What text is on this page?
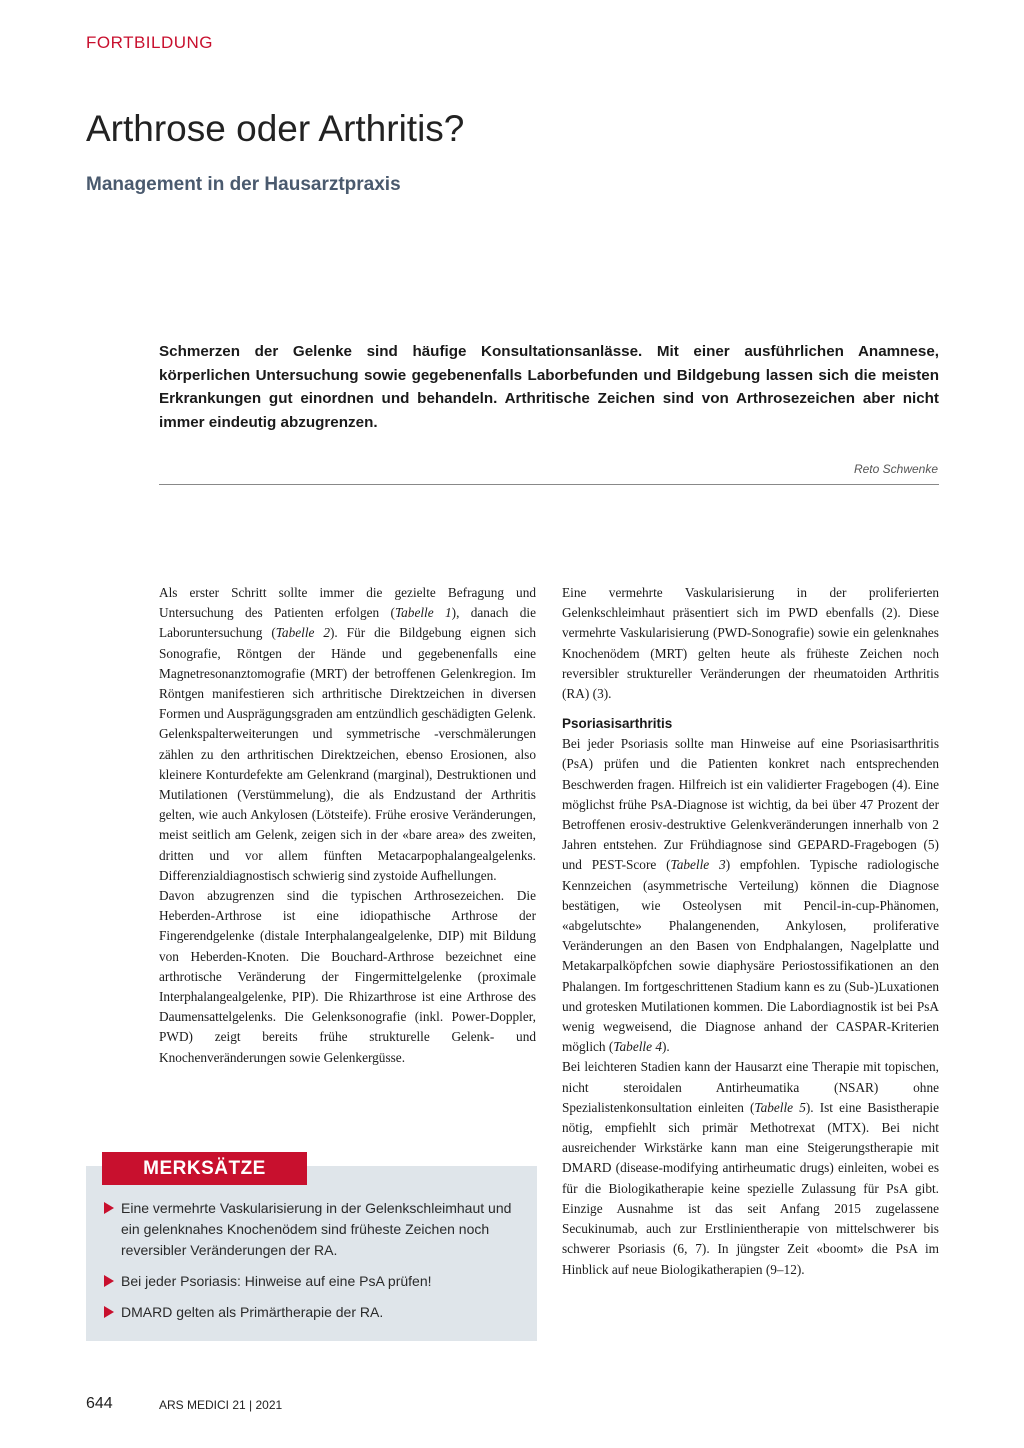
FORTBILDUNG
Arthrose oder Arthritis?
Management in der Hausarztpraxis

Schmerzen der Gelenke sind häufige Konsultationsanlässe. Mit einer ausführlichen Anamnese, körperlichen Untersuchung sowie gegebenenfalls Laborbefunden und Bildgebung lassen sich die meisten Erkrankungen gut einordnen und behandeln. Arthritische Zeichen sind von Arthrosezeichen aber nicht immer eindeutig abzugrenzen.

Reto Schwenke

Als erster Schritt sollte immer die gezielte Befragung und Untersuchung des Patienten erfolgen (Tabelle 1), danach die Laboruntersuchung (Tabelle 2). Für die Bildgebung eignen sich Sonografie, Röntgen der Hände und gegebenenfalls eine Magnetresonanztomografie (MRT) der betroffenen Gelenkregion. Im Röntgen manifestieren sich arthritische Direktzeichen in diversen Formen und Ausprägungsgraden am entzündlich geschädigten Gelenk. Gelenkspalterweiterungen und symmetrische -verschmälerungen zählen zu den arthritischen Direktzeichen, ebenso Erosionen, also kleinere Konturdefekte am Gelenkrand (marginal), Destruktionen und Mutilationen (Verstümmelung), die als Endzustand der Arthritis gelten, wie auch Ankylosen (Lötsteife). Frühe erosive Veränderungen, meist seitlich am Gelenk, zeigen sich in der «bare area» des zweiten, dritten und vor allem fünften Metacarpophalangealgelenks. Differenzialdiagnostisch schwierig sind zystoide Aufhellungen.

Davon abzugrenzen sind die typischen Arthrosezeichen. Die Heberden-Arthrose ist eine idiopathische Arthrose der Fingerendgelenke (distale Interphalangealgelenke, DIP) mit Bildung von Heberden-Knoten. Die Bouchard-Arthrose bezeichnet eine arthrotische Veränderung der Fingermittelgelenke (proximale Interphalangealgelenke, PIP). Die Rhizarthrose ist eine Arthrose des Daumensattelgelenks. Die Gelenksonografie (inkl. Power-Doppler, PWD) zeigt bereits frühe strukturelle Gelenk- und Knochenveränderungen sowie Gelenkergüsse.

Eine vermehrte Vaskularisierung in der proliferierten Gelenkschleimhaut präsentiert sich im PWD ebenfalls (2). Diese vermehrte Vaskularisierung (PWD-Sonografie) sowie ein gelenknahes Knochenödem (MRT) gelten heute als früheste Zeichen noch reversibler struktureller Veränderungen der rheumatoiden Arthritis (RA) (3).

Psoriasisarthritis

Bei jeder Psoriasis sollte man Hinweise auf eine Psoriasisarthritis (PsA) prüfen und die Patienten konkret nach entsprechenden Beschwerden fragen. Hilfreich ist ein validierter Fragebogen (4). Eine möglichst frühe PsA-Diagnose ist wichtig, da bei über 47 Prozent der Betroffenen erosiv-destruktive Gelenkveränderungen innerhalb von 2 Jahren entstehen. Zur Frühdiagnose sind GEPARD-Fragebogen (5) und PEST-Score (Tabelle 3) empfohlen. Typische radiologische Kennzeichen (asymmetrische Verteilung) können die Diagnose bestätigen, wie Osteolysen mit Pencil-in-cup-Phänomen, «abgelutschte» Phalangenenden, Ankylosen, proliferative Veränderungen an den Basen von Endphalangen, Nagelplatte und Metakarpalköpfchen sowie diaphysäre Periostossifikationen an den Phalangen. Im fortgeschrittenen Stadium kann es zu (Sub-)Luxationen und grotesken Mutilationen kommen. Die Labordiagnostik ist bei PsA wenig wegweisend, die Diagnose anhand der CASPAR-Kriterien möglich (Tabelle 4).

Bei leichteren Stadien kann der Hausarzt eine Therapie mit topischen, nicht steroidalen Antirheumatika (NSAR) ohne Spezialistenkonsultation einleiten (Tabelle 5). Ist eine Basistherapie nötig, empfiehlt sich primär Methotrexat (MTX). Bei nicht ausreichender Wirkstärke kann man eine Steigerungstherapie mit DMARD (disease-modifying antirheumatic drugs) einleiten, wobei es für die Biologikatherapie keine spezielle Zulassung für PsA gibt. Einzige Ausnahme ist das seit Anfang 2015 zugelassene Secukinumab, auch zur Erstlinientherapie von mittelschwerer bis schwerer Psoriasis (6, 7). In jüngster Zeit «boomt» die PsA im Hinblick auf neue Biologikatherapien (9–12).

MERKSÄTZE
Eine vermehrte Vaskularisierung in der Gelenkschleimhaut und ein gelenknahes Knochenödem sind früheste Zeichen noch reversibler Veränderungen der RA.
Bei jeder Psoriasis: Hinweise auf eine PsA prüfen!
DMARD gelten als Primärtherapie der RA.
644	ARS MEDICI 21 | 2021
